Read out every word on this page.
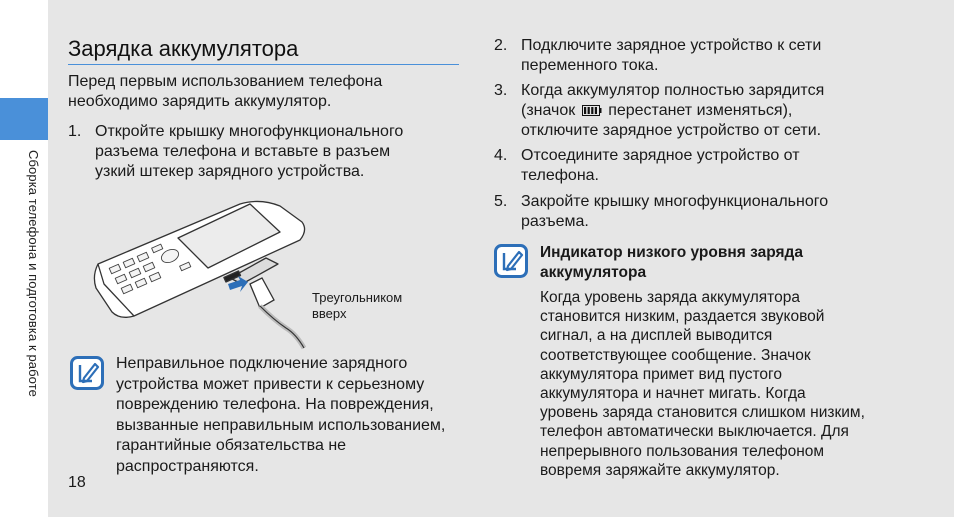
Сборка телефона и подготовка к работе
Зарядка аккумулятора
Перед первым использованием телефона
необходимо зарядить аккумулятор.
1. Откройте крышку многофункционального
разъема телефона и вставьте в разъем
узкий штекер зарядного устройства.
Треугольником
вверх
Неправильное подключение зарядного
устройства может привести к серьезному
повреждению телефона. На повреждения,
вызванные неправильным использованием,
гарантийные обязательства не
распространяются.
2. Подключите зарядное устройство к сети
переменного тока.
3. Когда аккумулятор полностью зарядится
(значок перестанет изменяться),
отключите зарядное устройство от сети.
4. Отсоедините зарядное устройство от
телефона.
5. Закройте крышку многофункционального
разъема.
Индикатор низкого уровня заряда
аккумулятора
Когда уровень заряда аккумулятора
становится низким, раздается звуковой
сигнал, а на дисплей выводится
соответствующее сообщение. Значок
аккумулятора примет вид пустого
аккумулятора и начнет мигать. Когда
уровень заряда становится слишком низким,
телефон автоматически выключается. Для
непрерывного пользования телефоном
вовремя заряжайте аккумулятор.
18
